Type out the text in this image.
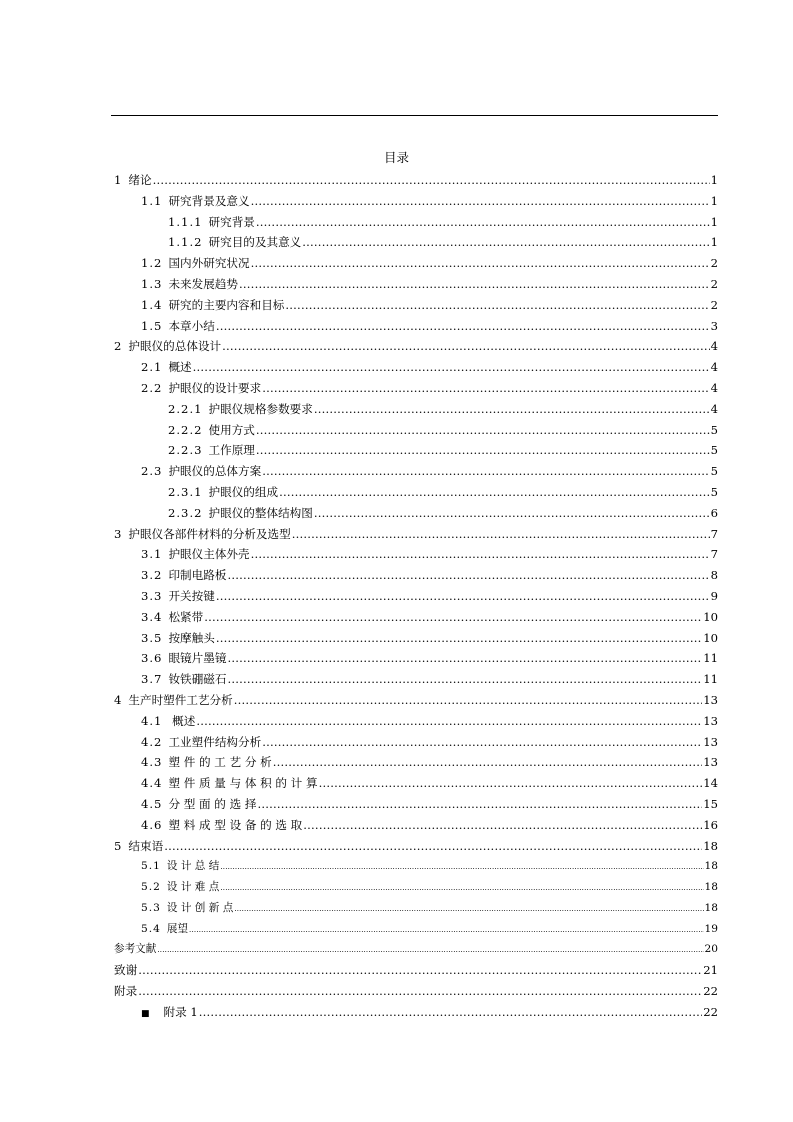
目录
1 绪论 .....	1
1.1 研究背景及意义 .....	1
1.1.1 研究背景 .....	1
1.1.2 研究目的及其意义 .....	1
1.2 国内外研究状况 .....	2
1.3 未来发展趋势 .....	2
1.4 研究的主要内容和目标 .....	2
1.5 本章小结 .....	3
2 护眼仪的总体设计 .....	4
2.1 概述 .....	4
2.2 护眼仪的设计要求 .....	4
2.2.1 护眼仪规格参数要求 .....	4
2.2.2 使用方式 .....	5
2.2.3 工作原理 .....	5
2.3 护眼仪的总体方案 .....	5
2.3.1 护眼仪的组成 .....	5
2.3.2 护眼仪的整体结构图 .....	6
3 护眼仪各部件材料的分析及选型 .....	7
3.1 护眼仪主体外壳 .....	7
3.2 印制电路板 .....	8
3.3 开关按键 .....	9
3.4 松紧带 .....	10
3.5 按摩触头 .....	10
3.6 眼镜片墨镜 .....	11
3.7 钕铁硼磁石 .....	11
4 生产时塑件工艺分析 .....	13
4.1 概述 .....	13
4.2 工业塑件结构分析 .....	13
4.3 塑 件 的 工 艺 分 析 .....	13
4.4 塑 件 质 量 与 体 积 的 计 算 .....	14
4.5 分 型 面 的 选 择 .....	15
4.6 塑 料 成 型 设 备 的 选 取 .....	16
5 结束语 .....	18
5.1 设 计 总 结 .....	18
5.2 设 计 难 点 .....	18
5.3 设 计 创 新 点 .....	18
5.4 展望 .....	19
参考文献 .....	20
致谢 .....	21
附录 .....	22
■ 附录 1 .....	22
